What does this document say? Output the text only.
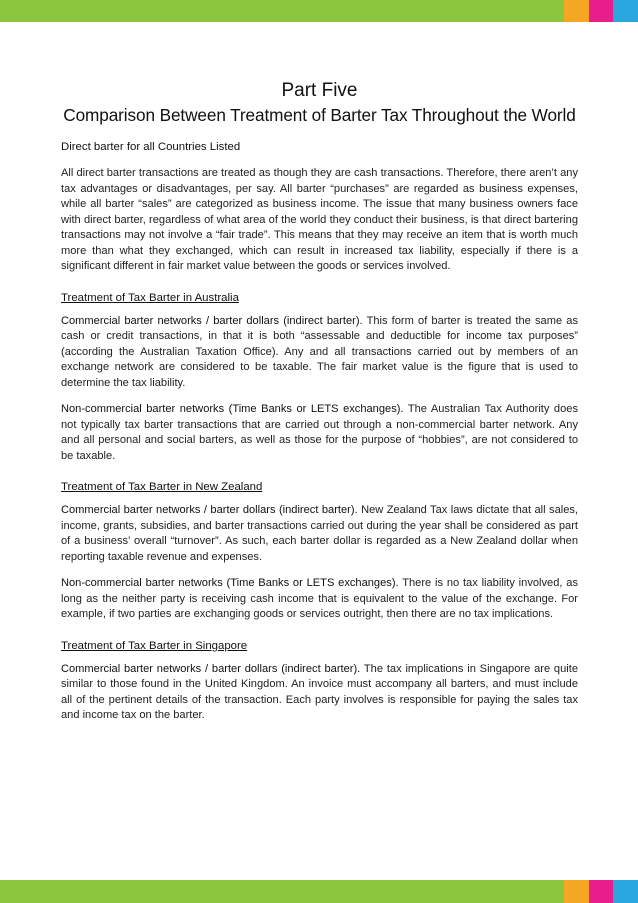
Part Five
Comparison Between Treatment of Barter Tax Throughout the World
Direct barter for all Countries Listed

All direct barter transactions are treated as though they are cash transactions. Therefore, there aren’t any tax advantages or disadvantages, per say. All barter “purchases” are regarded as business expenses, while all barter “sales” are categorized as business income. The issue that many business owners face with direct barter, regardless of what area of the world they conduct their business, is that direct bartering transactions may not involve a “fair trade”. This means that they may receive an item that is worth much more than what they exchanged, which can result in increased tax liability, especially if there is a significant different in fair market value between the goods or services involved.

Treatment of Tax Barter in Australia

Commercial barter networks / barter dollars (indirect barter). This form of barter is treated the same as cash or credit transactions, in that it is both “assessable and deductible for income tax purposes” (according the Australian Taxation Office). Any and all transactions carried out by members of an exchange network are considered to be taxable. The fair market value is the figure that is used to determine the tax liability.

Non-commercial barter networks (Time Banks or LETS exchanges). The Australian Tax Authority does not typically tax barter transactions that are carried out through a non-commercial barter network. Any and all personal and social barters, as well as those for the purpose of “hobbies”, are not considered to be taxable.

Treatment of Tax Barter in New Zealand

Commercial barter networks / barter dollars (indirect barter). New Zealand Tax laws dictate that all sales, income, grants, subsidies, and barter transactions carried out during the year shall be considered as part of a business’ overall “turnover”. As such, each barter dollar is regarded as a New Zealand dollar when reporting taxable revenue and expenses.

Non-commercial barter networks (Time Banks or LETS exchanges). There is no tax liability involved, as long as the neither party is receiving cash income that is equivalent to the value of the exchange. For example, if two parties are exchanging goods or services outright, then there are no tax implications.

Treatment of Tax Barter in Singapore

Commercial barter networks / barter dollars (indirect barter). The tax implications in Singapore are quite similar to those found in the United Kingdom. An invoice must accompany all barters, and must include all of the pertinent details of the transaction. Each party involves is responsible for paying the sales tax and income tax on the barter.
